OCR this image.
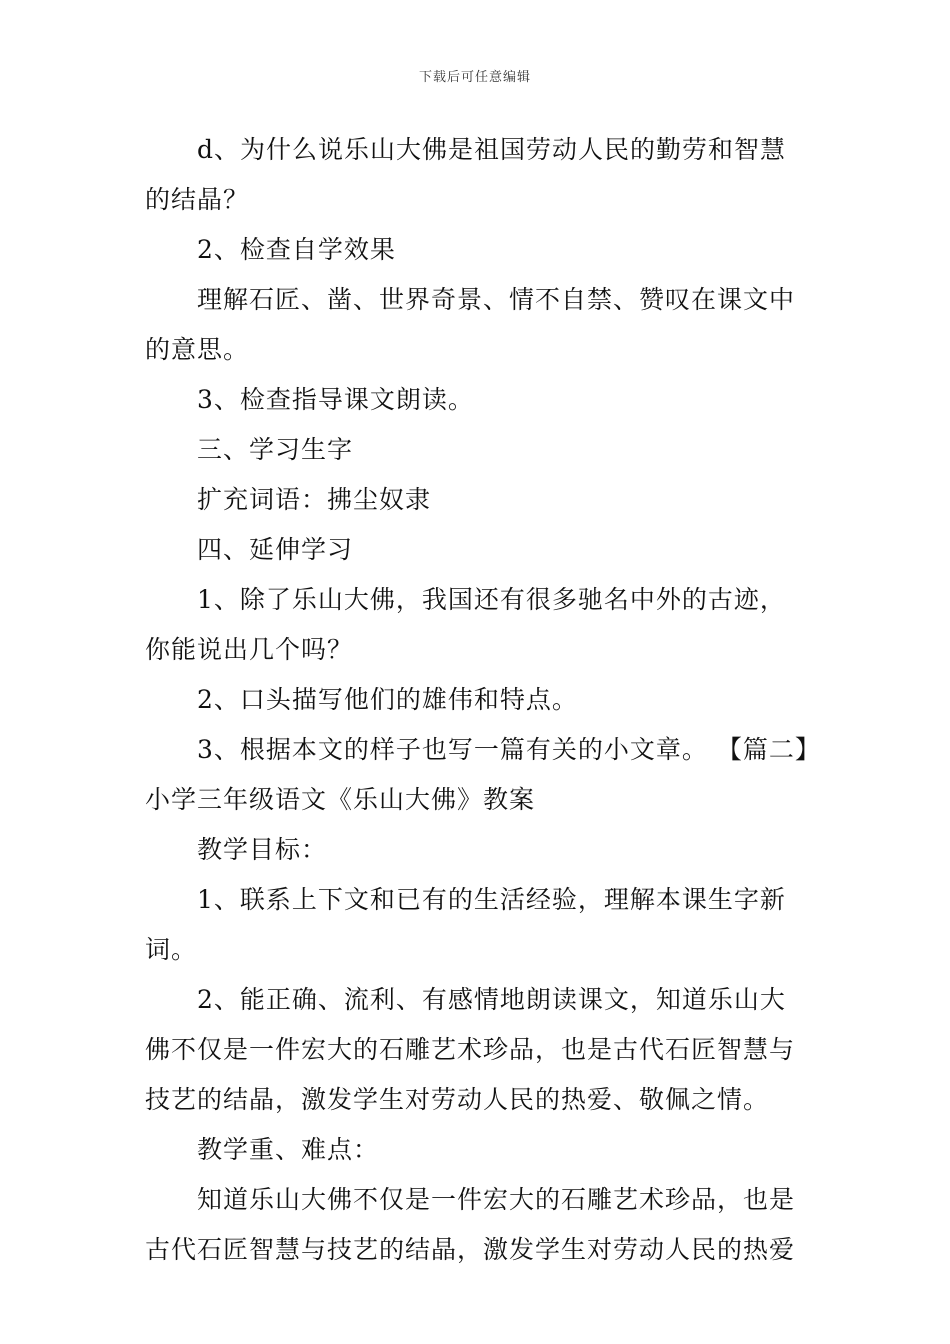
下载后可任意编辑

d、为什么说乐山大佛是祖国劳动人民的勤劳和智慧的结晶？

2、检查自学效果

理解石匠、凿、世界奇景、情不自禁、赞叹在课文中的意思。

3、检查指导课文朗读。

三、学习生字

扩充词语：拂尘奴隶

四、延伸学习

1、除了乐山大佛，我国还有很多驰名中外的古迹，你能说出几个吗？

2、口头描写他们的雄伟和特点。

3、根据本文的样子也写一篇有关的小文章。 【篇二】小学三年级语文《乐山大佛》教案

教学目标：

1、联系上下文和已有的生活经验，理解本课生字新词。

2、能正确、流利、有感情地朗读课文，知道乐山大佛不仅是一件宏大的石雕艺术珍品，也是古代石匠智慧与技艺的结晶，激发学生对劳动人民的热爱、敬佩之情。

教学重、难点：

知道乐山大佛不仅是一件宏大的石雕艺术珍品，也是古代石匠智慧与技艺的结晶，激发学生对劳动人民的热爱
